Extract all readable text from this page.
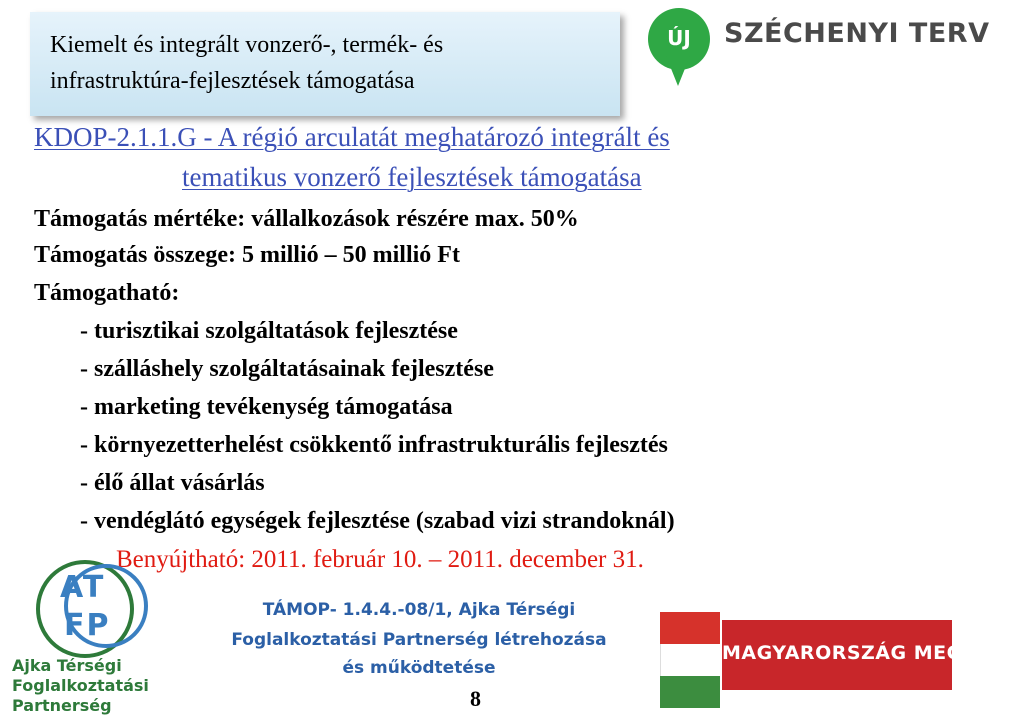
Kiemelt és integrált vonzerő-, termék- és
infrastruktúra-fejlesztések támogatása
ÚJ	SZÉCHENYI TERV
KDOP-2.1.1.G - A régió arculatát meghatározó integrált és
tematikus vonzerő fejlesztések támogatása
Támogatás mértéke: vállalkozások részére max. 50%
Támogatás összege: 5 millió – 50 millió Ft
Támogatható:
- turisztikai szolgáltatások fejlesztése
- szálláshely szolgáltatásainak fejlesztése
- marketing tevékenység támogatása
- környezetterhelést csökkentő infrastrukturális fejlesztés
- élő állat vásárlás
- vendéglátó egységek fejlesztése (szabad vizi strandoknál)
Benyújtható: 2011. február 10. – 2011. december 31.
AT
FP
Ajka Térségi
Foglalkoztatási
Partnerség
TÁMOP- 1.4.4.-08/1, Ajka Térségi
Foglalkoztatási Partnerség létrehozása
és működtetése
MAGYARORSZÁG MEGÚJUL
8
